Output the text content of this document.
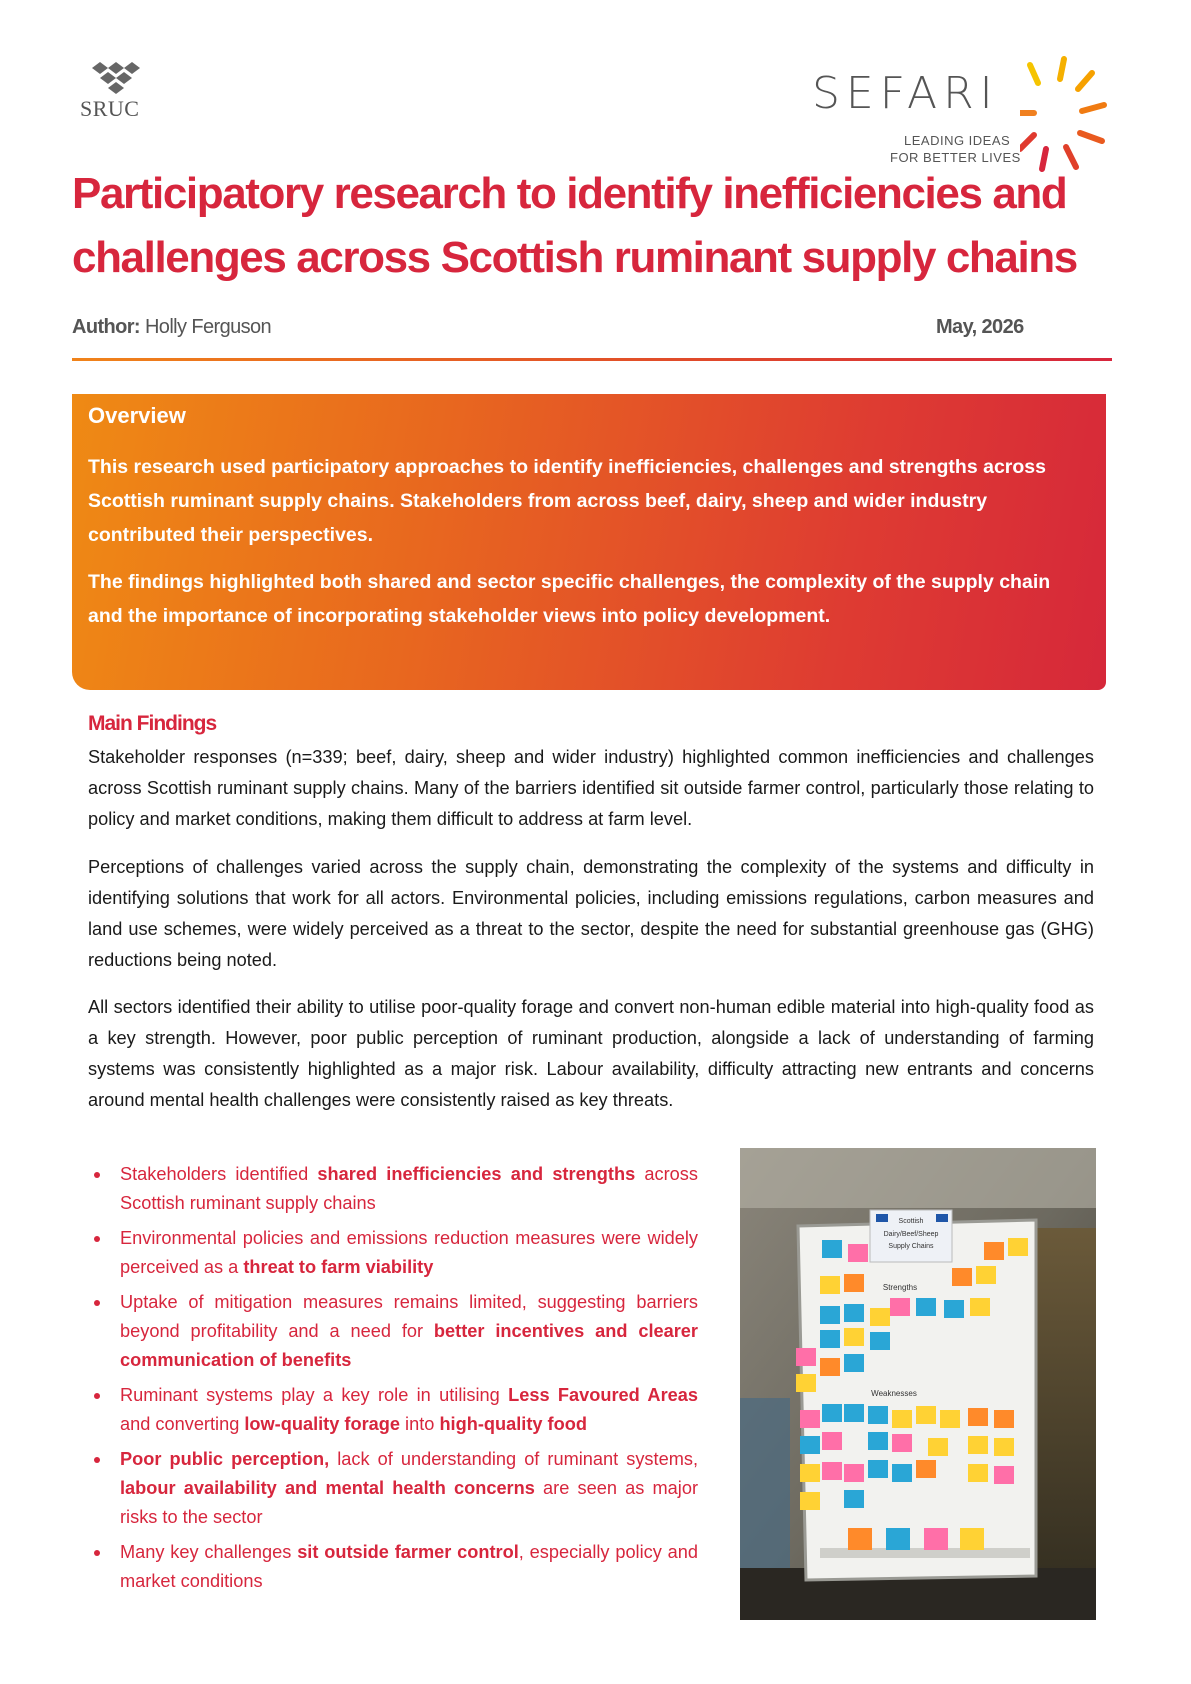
SRUC	SEFARI
LEADING IDEAS
FOR BETTER LIVES
Participatory research to identify inefficiencies and
challenges across Scottish ruminant supply chains
Author: Holly Ferguson	May, 2026
Overview
This research used participatory approaches to identify inefficiencies, challenges and strengths across Scottish ruminant supply chains. Stakeholders from across beef, dairy, sheep and wider industry contributed their perspectives.
The findings highlighted both shared and sector specific challenges, the complexity of the supply chain and the importance of incorporating stakeholder views into policy development.
Main Findings
Stakeholder responses (n=339; beef, dairy, sheep and wider industry) highlighted common inefficiencies and challenges across Scottish ruminant supply chains. Many of the barriers identified sit outside farmer control, particularly those relating to policy and market conditions, making them difficult to address at farm level.
Perceptions of challenges varied across the supply chain, demonstrating the complexity of the systems and difficulty in identifying solutions that work for all actors. Environmental policies, including emissions regulations, carbon measures and land use schemes, were widely perceived as a threat to the sector, despite the need for substantial greenhouse gas (GHG) reductions being noted.
All sectors identified their ability to utilise poor-quality forage and convert non-human edible material into high-quality food as a key strength. However, poor public perception of ruminant production, alongside a lack of understanding of farming systems was consistently highlighted as a major risk. Labour availability, difficulty attracting new entrants and concerns around mental health challenges were consistently raised as key threats.
Stakeholders identified shared inefficiencies and strengths across Scottish ruminant supply chains
Environmental policies and emissions reduction measures were widely perceived as a threat to farm viability
Uptake of mitigation measures remains limited, suggesting barriers beyond profitability and a need for better incentives and clearer communication of benefits
Ruminant systems play a key role in utilising Less Favoured Areas and converting low-quality forage into high-quality food
Poor public perception, lack of understanding of ruminant systems, labour availability and mental health concerns are seen as major risks to the sector
Many key challenges sit outside farmer control, especially policy and market conditions
Scottish
Dairy/Beef/Sheep
Supply Chains
Strengths
Weaknesses
